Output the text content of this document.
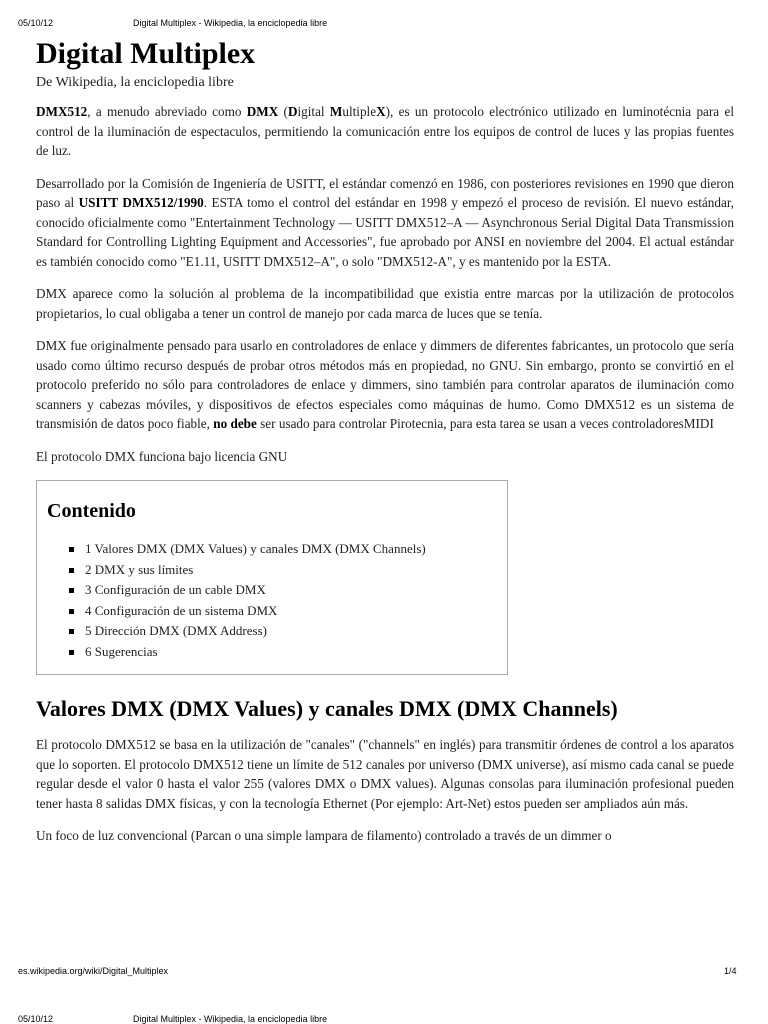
05/10/12	Digital Multiplex - Wikipedia, la enciclopedia libre
Digital Multiplex
De Wikipedia, la enciclopedia libre

DMX512, a menudo abreviado como DMX (Digital MultipleX), es un protocolo electrónico utilizado en luminotécnia para el control de la iluminación de espectaculos, permitiendo la comunicación entre los equipos de control de luces y las propias fuentes de luz.

Desarrollado por la Comisión de Ingeniería de USITT, el estándar comenzó en 1986, con posteriores revisiones en 1990 que dieron paso al USITT DMX512/1990. ESTA tomo el control del estándar en 1998 y empezó el proceso de revisión. El nuevo estándar, conocido oficialmente como "Entertainment Technology — USITT DMX512–A — Asynchronous Serial Digital Data Transmission Standard for Controlling Lighting Equipment and Accessories", fue aprobado por ANSI en noviembre del 2004. El actual estándar es también conocido como "E1.11, USITT DMX512–A", o solo "DMX512-A", y es mantenido por la ESTA.

DMX aparece como la solución al problema de la incompatibilidad que existia entre marcas por la utilización de protocolos propietarios, lo cual obligaba a tener un control de manejo por cada marca de luces que se tenía.

DMX fue originalmente pensado para usarlo en controladores de enlace y dimmers de diferentes fabricantes, un protocolo que sería usado como último recurso después de probar otros métodos más en propiedad, no GNU. Sin embargo, pronto se convirtió en el protocolo preferido no sólo para controladores de enlace y dimmers, sino también para controlar aparatos de iluminación como scanners y cabezas móviles, y dispositivos de efectos especiales como máquinas de humo. Como DMX512 es un sistema de transmisión de datos poco fiable, no debe ser usado para controlar Pirotecnia, para esta tarea se usan a veces controladoresMIDI

El protocolo DMX funciona bajo licencia GNU

Contenido
1 Valores DMX (DMX Values) y canales DMX (DMX Channels)
2 DMX y sus límites
3 Configuración de un cable DMX
4 Configuración de un sistema DMX
5 Dirección DMX (DMX Address)
6 Sugerencias
Valores DMX (DMX Values) y canales DMX (DMX Channels)

El protocolo DMX512 se basa en la utilización de "canales" ("channels" en inglés) para transmitir órdenes de control a los aparatos que lo soporten. El protocolo DMX512 tiene un límite de 512 canales por universo (DMX universe), así mismo cada canal se puede regular desde el valor 0 hasta el valor 255 (valores DMX o DMX values). Algunas consolas para iluminación profesional pueden tener hasta 8 salidas DMX físicas, y con la tecnología Ethernet (Por ejemplo: Art-Net) estos pueden ser ampliados aún más.

Un foco de luz convencional (Parcan o una simple lampara de filamento) controlado a través de un dimmer o

es.wikipedia.org/wiki/Digital_Multiplex	1/4
05/10/12	Digital Multiplex - Wikipedia, la enciclopedia libre
